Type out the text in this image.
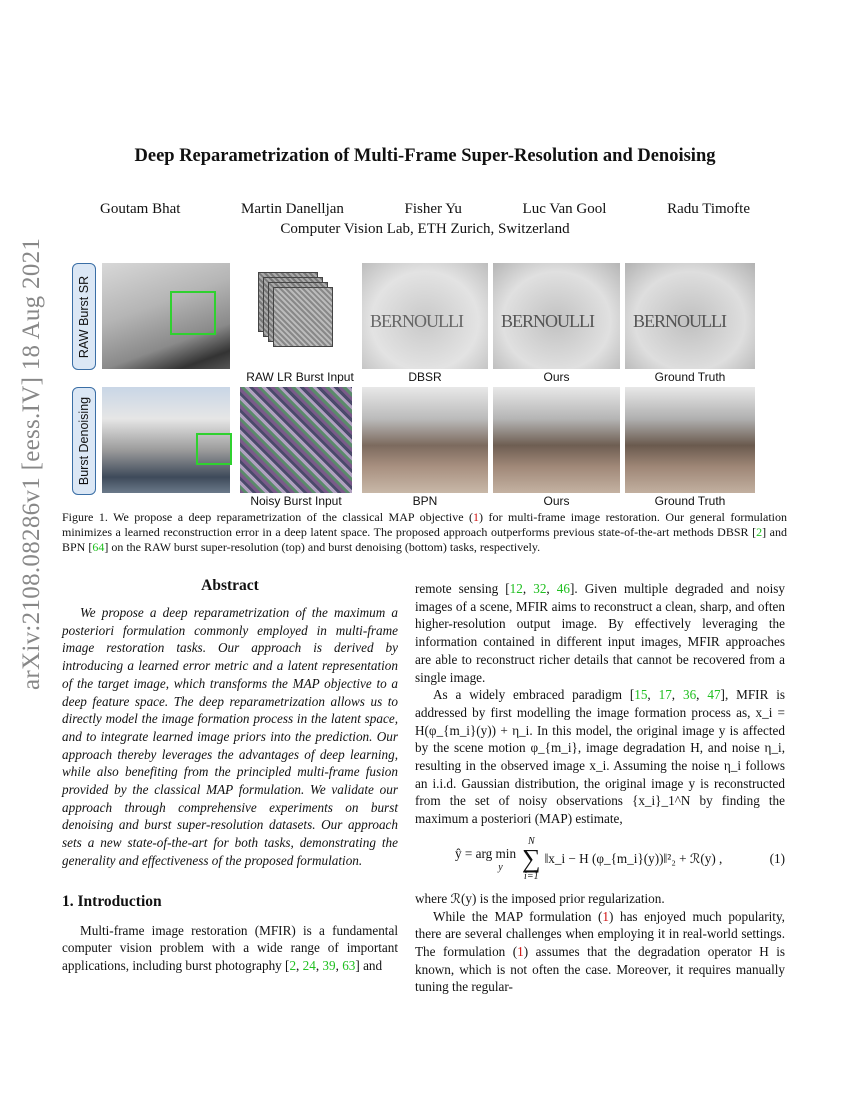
arXiv:2108.08286v1 [eess.IV] 18 Aug 2021
Deep Reparametrization of Multi-Frame Super-Resolution and Denoising
Goutam Bhat	Martin Danelljan	Fisher Yu	Luc Van Gool	Radu Timofte
Computer Vision Lab, ETH Zurich, Switzerland
RAW Burst SR
Burst Denoising
BERNOULLI BERNOULLI BERNOULLI
RAW LR Burst Input	DBSR	Ours	Ground Truth
Noisy Burst Input	BPN	Ours	Ground Truth
Figure 1. We propose a deep reparametrization of the classical MAP objective (1) for multi-frame image restoration. Our general formulation minimizes a learned reconstruction error in a deep latent space. The proposed approach outperforms previous state-of-the-art methods DBSR [2] and BPN [64] on the RAW burst super-resolution (top) and burst denoising (bottom) tasks, respectively.
Abstract

We propose a deep reparametrization of the maximum a posteriori formulation commonly employed in multi-frame image restoration tasks. Our approach is derived by introducing a learned error metric and a latent representation of the target image, which transforms the MAP objective to a deep feature space. The deep reparametrization allows us to directly model the image formation process in the latent space, and to integrate learned image priors into the prediction. Our approach thereby leverages the advantages of deep learning, while also benefiting from the principled multi-frame fusion provided by the classical MAP formulation. We validate our approach through comprehensive experiments on burst denoising and burst super-resolution datasets. Our approach sets a new state-of-the-art for both tasks, demonstrating the generality and effectiveness of the proposed formulation.

1. Introduction

Multi-frame image restoration (MFIR) is a fundamental computer vision problem with a wide range of important applications, including burst photography [2, 24, 39, 63] and

remote sensing [12, 32, 46]. Given multiple degraded and noisy images of a scene, MFIR aims to reconstruct a clean, sharp, and often higher-resolution output image. By effectively leveraging the information contained in different input images, MFIR approaches are able to reconstruct richer details that cannot be recovered from a single image.

As a widely embraced paradigm [15, 17, 36, 47], MFIR is addressed by first modelling the image formation process as, x_i = H(φ_{m_i}(y)) + η_i. In this model, the original image y is affected by the scene motion φ_{m_i}, image degradation H, and noise η_i, resulting in the observed image x_i. Assuming the noise η_i follows an i.i.d. Gaussian distribution, the original image y is reconstructed from the set of noisy observations {x_i}_1^N by finding the maximum a posteriori (MAP) estimate,

ŷ = arg min
y
N
∑
i=1
‖x_i − H (φ_{m_i}(y))‖²₂ + ℛ(y) ,	(1)

where ℛ(y) is the imposed prior regularization.

While the MAP formulation (1) has enjoyed much popularity, there are several challenges when employing it in real-world settings. The formulation (1) assumes that the degradation operator H is known, which is not often the case. Moreover, it requires manually tuning the regular-
